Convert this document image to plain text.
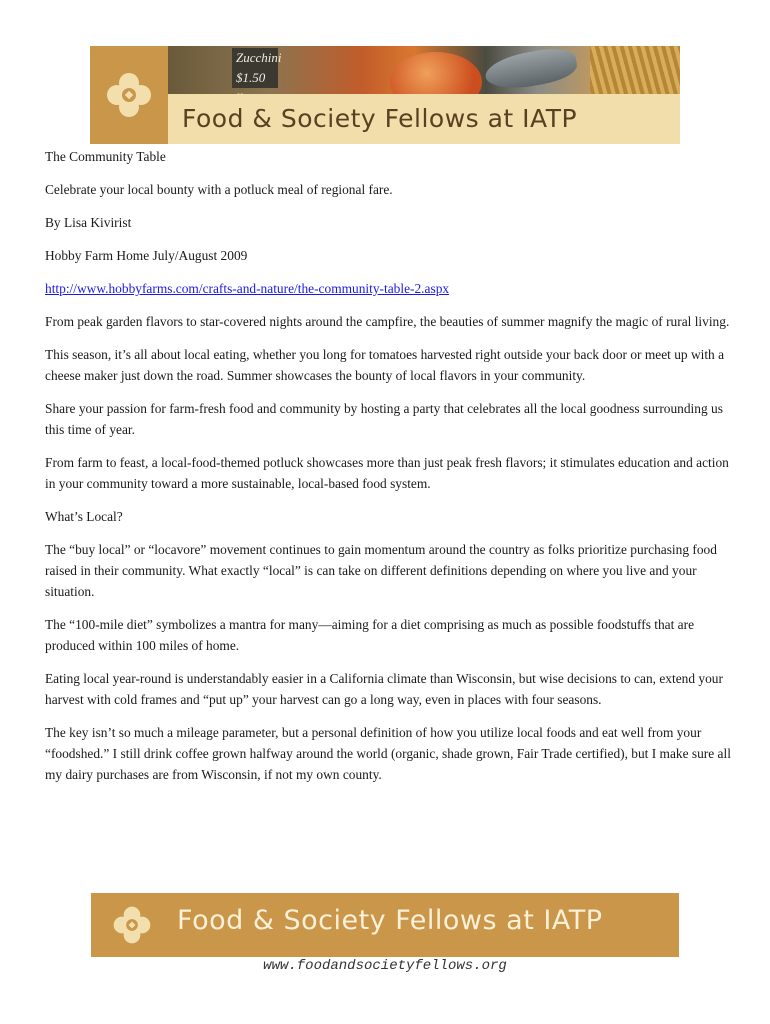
Zucchini $1.50
Food & Society Fellows at IATP

The Community Table

Celebrate your local bounty with a potluck meal of regional fare.

By Lisa Kivirist

Hobby Farm Home July/August 2009

http://www.hobbyfarms.com/crafts-and-nature/the-community-table-2.aspx

From peak garden flavors to star-covered nights around the campfire, the beauties of summer magnify the magic of rural living.

This season, it’s all about local eating, whether you long for tomatoes harvested right outside your back door or meet up with a cheese maker just down the road. Summer showcases the bounty of local flavors in your community.

Share your passion for farm-fresh food and community by hosting a party that celebrates all the local goodness surrounding us this time of year.

From farm to feast, a local-food-themed potluck showcases more than just peak fresh flavors; it stimulates education and action in your community toward a more sustainable, local-based food system.

What’s Local?

The “buy local” or “locavore” movement continues to gain momentum around the country as folks prioritize purchasing food raised in their community. What exactly “local” is can take on different definitions depending on where you live and your situation.

The “100-mile diet” symbolizes a mantra for many—aiming for a diet comprising as much as possible foodstuffs that are produced within 100 miles of home.

Eating local year-round is understandably easier in a California climate than Wisconsin, but wise decisions to can, extend your harvest with cold frames and “put up” your harvest can go a long way, even in places with four seasons.

The key isn’t so much a mileage parameter, but a personal definition of how you utilize local foods and eat well from your “foodshed.” I still drink coffee grown halfway around the world (organic, shade grown, Fair Trade certified), but I make sure all my dairy purchases are from Wisconsin, if not my own county.

Food & Society Fellows at IATP
www.foodandsocietyfellows.org
